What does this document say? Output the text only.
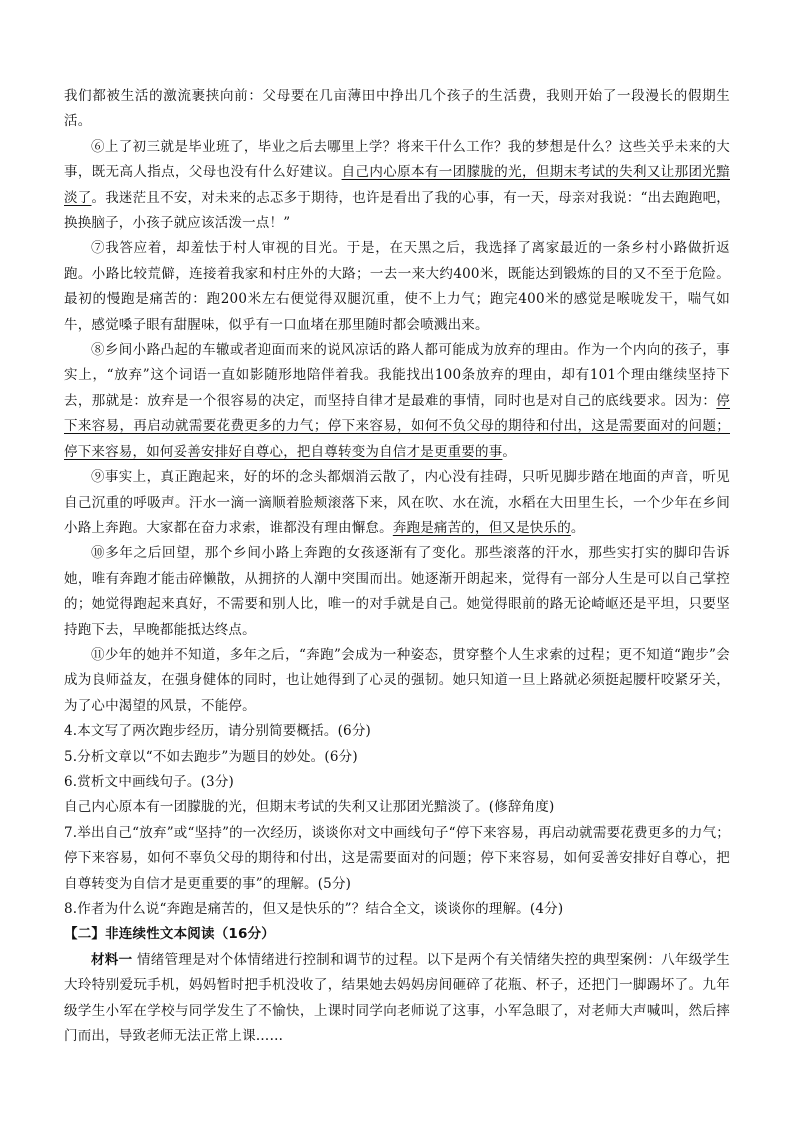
我们都被生活的激流裹挟向前：父母要在几亩薄田中挣出几个孩子的生活费，我则开始了一段漫长的假期生活。

⑥上了初三就是毕业班了，毕业之后去哪里上学？将来干什么工作？我的梦想是什么？这些关乎未来的大事，既无高人指点，父母也没有什么好建议。自己内心原本有一团朦胧的光，但期末考试的失利又让那团光黯淡了。我迷茫且不安，对未来的忐忑多于期待，也许是看出了我的心事，有一天，母亲对我说：“出去跑跑吧，换换脑子，小孩子就应该活泼一点！”

⑦我答应着，却羞怯于村人审视的目光。于是，在天黑之后，我选择了离家最近的一条乡村小路做折返跑。小路比较荒僻，连接着我家和村庄外的大路；一去一来大约400米，既能达到锻炼的目的又不至于危险。最初的慢跑是痛苦的：跑200米左右便觉得双腿沉重，使不上力气；跑完400米的感觉是喉咙发干，喘气如牛，感觉嗓子眼有甜腥味，似乎有一口血堵在那里随时都会喷溅出来。

⑧乡间小路凸起的车辙或者迎面而来的说风凉话的路人都可能成为放弃的理由。作为一个内向的孩子，事实上，“放弃”这个词语一直如影随形地陪伴着我。我能找出100条放弃的理由，却有101个理由继续坚持下去，那就是：放弃是一个很容易的决定，而坚持自律才是最难的事情，同时也是对自己的底线要求。因为：停下来容易，再启动就需要花费更多的力气；停下来容易，如何不负父母的期待和付出，这是需要面对的问题；停下来容易，如何妥善安排好自尊心，把自尊转变为自信才是更重要的事。

⑨事实上，真正跑起来，好的坏的念头都烟消云散了，内心没有挂碍，只听见脚步踏在地面的声音，听见自己沉重的呼吸声。汗水一滴一滴顺着脸颊滚落下来，风在吹、水在流，水稻在大田里生长，一个少年在乡间小路上奔跑。大家都在奋力求索，谁都没有理由懈怠。奔跑是痛苦的，但又是快乐的。

⑩多年之后回望，那个乡间小路上奔跑的女孩逐渐有了变化。那些滚落的汗水，那些实打实的脚印告诉她，唯有奔跑才能击碎懒散，从拥挤的人潮中突围而出。她逐渐开朗起来，觉得有一部分人生是可以自己掌控的；她觉得跑起来真好，不需要和别人比，唯一的对手就是自己。她觉得眼前的路无论崎岖还是平坦，只要坚持跑下去，早晚都能抵达终点。

⑪少年的她并不知道，多年之后，“奔跑”会成为一种姿态，贯穿整个人生求索的过程；更不知道“跑步”会成为良师益友，在强身健体的同时，也让她得到了心灵的强韧。她只知道一旦上路就必须挺起腰杆咬紧牙关，为了心中渴望的风景，不能停。

4.本文写了两次跑步经历，请分别简要概括。(6分)

5.分析文章以“不如去跑步”为题目的妙处。(6分)

6.赏析文中画线句子。(3分)

自己内心原本有一团朦胧的光，但期末考试的失利又让那团光黯淡了。(修辞角度)

7.举出自己“放弃”或“坚持”的一次经历，谈谈你对文中画线句子“停下来容易，再启动就需要花费更多的力气；停下来容易，如何不辜负父母的期待和付出，这是需要面对的问题；停下来容易，如何妥善安排好自尊心，把自尊转变为自信才是更重要的事”的理解。(5分)

8.作者为什么说“奔跑是痛苦的，但又是快乐的”？结合全文，谈谈你的理解。(4分)

【二】非连续性文本阅读（16分）

材料一 情绪管理是对个体情绪进行控制和调节的过程。以下是两个有关情绪失控的典型案例：八年级学生大玲特别爱玩手机，妈妈暂时把手机没收了，结果她去妈妈房间砸碎了花瓶、杯子，还把门一脚踢坏了。九年级学生小军在学校与同学发生了不愉快，上课时同学向老师说了这事，小军急眼了，对老师大声喊叫，然后摔门而出，导致老师无法正常上课……
